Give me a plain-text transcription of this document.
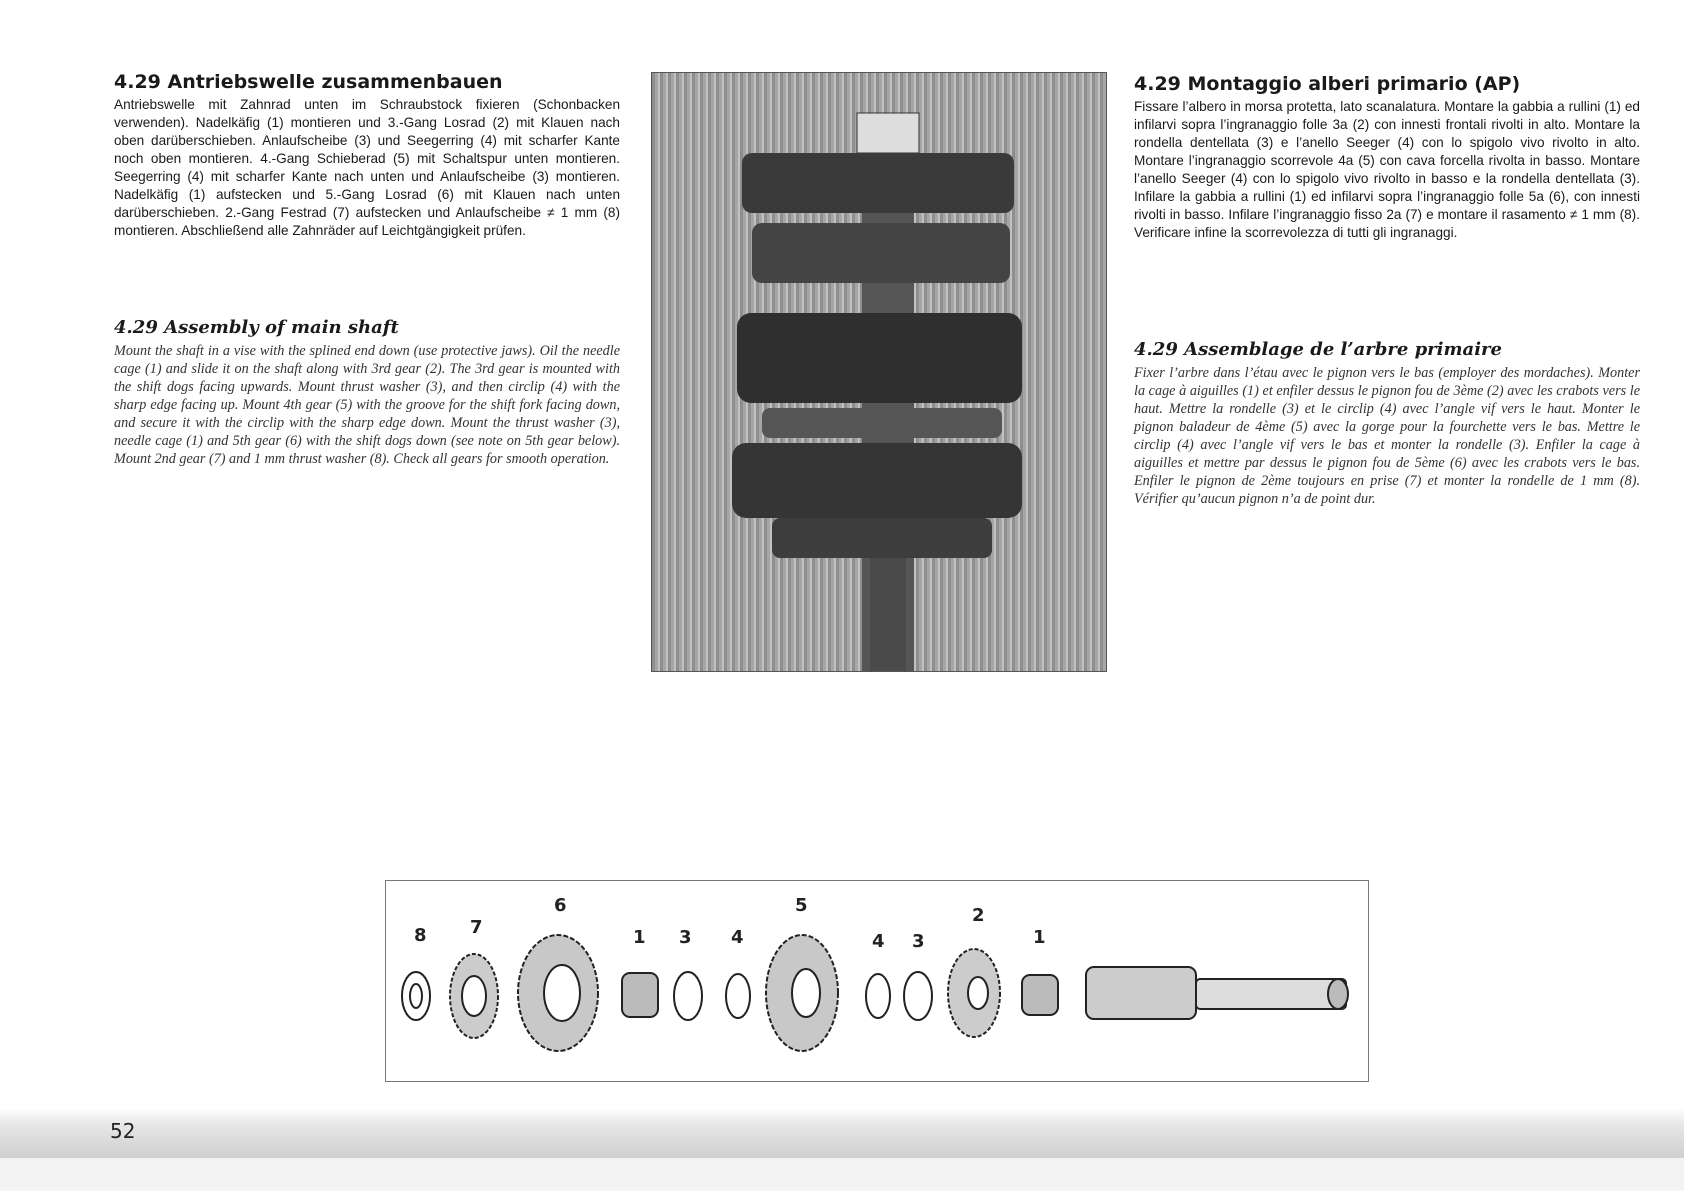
4.29 Antriebswelle zusammenbauen

Antriebswelle mit Zahnrad unten im Schraubstock fixieren (Schonbacken verwenden). Nadelkäfig (1) montieren und 3.-Gang Losrad (2) mit Klauen nach oben darüberschieben. Anlaufscheibe (3) und Seegerring (4) mit scharfer Kante noch oben montieren. 4.-Gang Schieberad (5) mit Schaltspur unten montieren. Seegerring (4) mit scharfer Kante nach unten und Anlaufscheibe (3) montieren. Nadelkäfig (1) aufstecken und 5.-Gang Losrad (6) mit Klauen nach unten darüberschieben. 2.-Gang Festrad (7) aufstecken und Anlaufscheibe ≠ 1 mm (8) montieren. Abschließend alle Zahnräder auf Leichtgängigkeit prüfen.

4.29 Assembly of main shaft

Mount the shaft in a vise with the splined end down (use protective jaws). Oil the needle cage (1) and slide it on the shaft along with 3rd gear (2). The 3rd gear is mounted with the shift dogs facing upwards. Mount thrust washer (3), and then circlip (4) with the sharp edge facing up. Mount 4th gear (5) with the groove for the shift fork facing down, and secure it with the circlip with the sharp edge down. Mount the thrust washer (3), needle cage (1) and 5th gear (6) with the shift dogs down (see note on 5th gear below). Mount 2nd gear (7) and 1 mm thrust washer (8). Check all gears for smooth operation.

4.29 Montaggio alberi primario (AP)

Fissare l’albero in morsa protetta, lato scanalatura. Montare la gabbia a rullini (1) ed infilarvi sopra l’ingranaggio folle 3a (2) con innesti frontali rivolti in alto. Montare la rondella dentellata (3) e l’anello Seeger (4) con lo spigolo vivo rivolto in alto. Montare l’ingranaggio scorrevole 4a (5) con cava forcella rivolta in basso. Montare l’anello Seeger (4) con lo spigolo vivo rivolto in basso e la rondella dentellata (3). Infilare la gabbia a rullini (1) ed infilarvi sopra l’ingranaggio folle 5a (6), con innesti rivolti in basso. Infilare l’ingranaggio fisso 2a (7) e montare il rasamento ≠ 1 mm (8). Verificare infine la scorrevolezza di tutti gli ingranaggi.

4.29 Assemblage de l’arbre primaire

Fixer l’arbre dans l’étau avec le pignon vers le bas (employer des mordaches). Monter la cage à aiguilles (1) et enfiler dessus le pignon fou de 3ème (2) avec les crabots vers le haut. Mettre la rondelle (3) et le circlip (4) avec l’angle vif vers le haut. Monter le pignon baladeur de 4ème (5) avec la gorge pour la fourchette vers le bas. Mettre le circlip (4) avec l’angle vif vers le bas et monter la rondelle (3). Enfiler la cage à aiguilles et mettre par dessus le pignon fou de 5ème (6) avec les crabots vers le bas. Enfiler le pignon de 2ème toujours en prise (7) et monter la rondelle de 1 mm (8). Vérifier qu’aucun pignon n’a de point dur.

8 7
6
1 3 4
5
4 3
2
1
52
